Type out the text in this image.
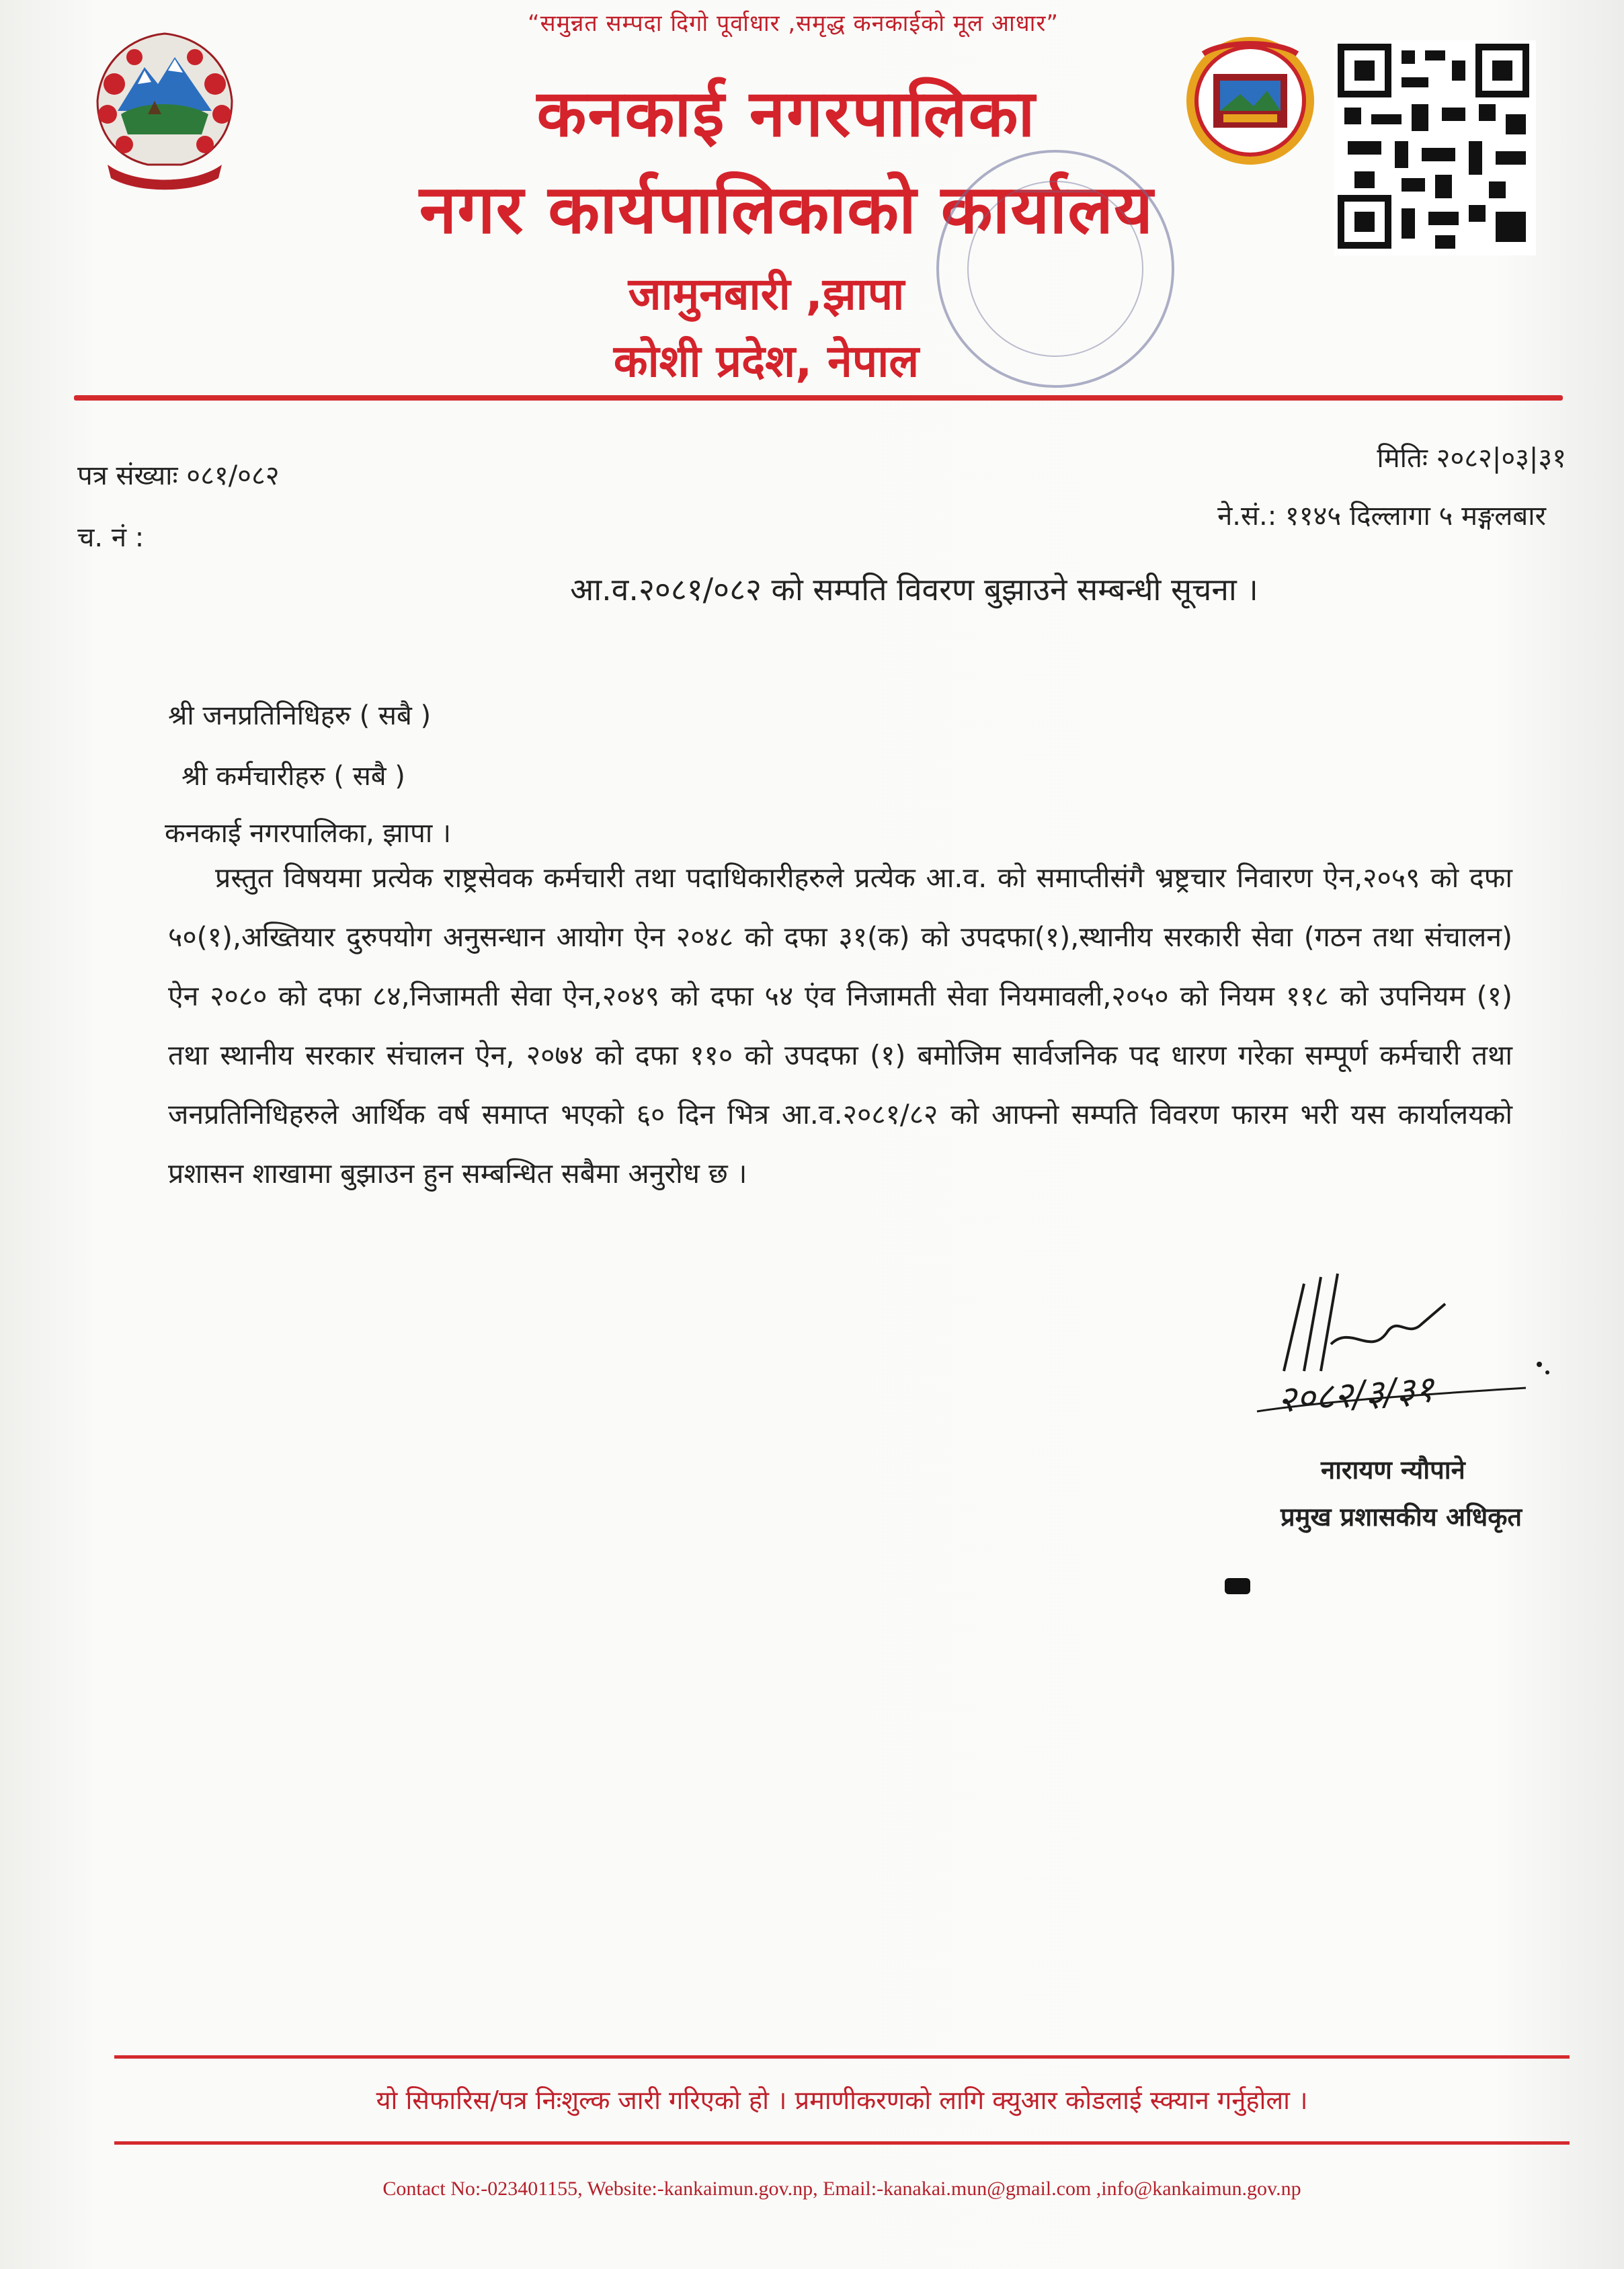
“समुन्नत सम्पदा दिगो पूर्वाधार ,समृद्ध कनकाईको मूल आधार”
कनकाई नगरपालिका
नगर कार्यपालिकाको कार्यालय
जामुनबारी ,झापा
कोशी प्रदेश, नेपाल
पत्र संख्याः ०८१/०८२
च. नं :
मितिः २०८२|०३|३१
ने.सं.: ११४५ दिल्लागा ५ मङ्गलबार
आ.व.२०८१/०८२ को सम्पति विवरण बुझाउने सम्बन्धी सूचना ।
श्री जनप्रतिनिधिहरु ( सबै )
श्री कर्मचारीहरु ( सबै )
कनकाई नगरपालिका, झापा ।
प्रस्तुत विषयमा प्रत्येक राष्ट्रसेवक कर्मचारी तथा पदाधिकारीहरुले प्रत्येक आ.व. को समाप्तीसंगै भ्रष्ट्रचार निवारण ऐन,२०५९ को दफा ५०(१),अख्तियार दुरुपयोग अनुसन्धान आयोग ऐन २०४८ को दफा ३१(क) को उपदफा(१),स्थानीय सरकारी सेवा (गठन तथा संचालन) ऐन २०८० को दफा ८४,निजामती सेवा ऐन,२०४९ को दफा ५४ एंव निजामती सेवा नियमावली,२०५० को नियम ११८ को उपनियम (१) तथा स्थानीय सरकार संचालन ऐन, २०७४ को दफा ११० को उपदफा (१) बमोजिम सार्वजनिक पद धारण गरेका सम्पूर्ण कर्मचारी तथा जनप्रतिनिधिहरुले आर्थिक वर्ष समाप्त भएको ६० दिन भित्र आ.व.२०८१/८२ को आफ्नो सम्पति विवरण फारम भरी यस कार्यालयको प्रशासन शाखामा बुझाउन हुन सम्बन्धित सबैमा अनुरोध छ ।
२०८२/३/३१
नारायण न्यौपाने
प्रमुख प्रशासकीय अधिकृत
यो सिफारिस/पत्र निःशुल्क जारी गरिएको हो । प्रमाणीकरणको लागि क्युआर कोडलाई स्क्यान गर्नुहोला ।
Contact No:-023401155, Website:-kankaimun.gov.np, Email:-kanakai.mun@gmail.com ,info@kankaimun.gov.np
